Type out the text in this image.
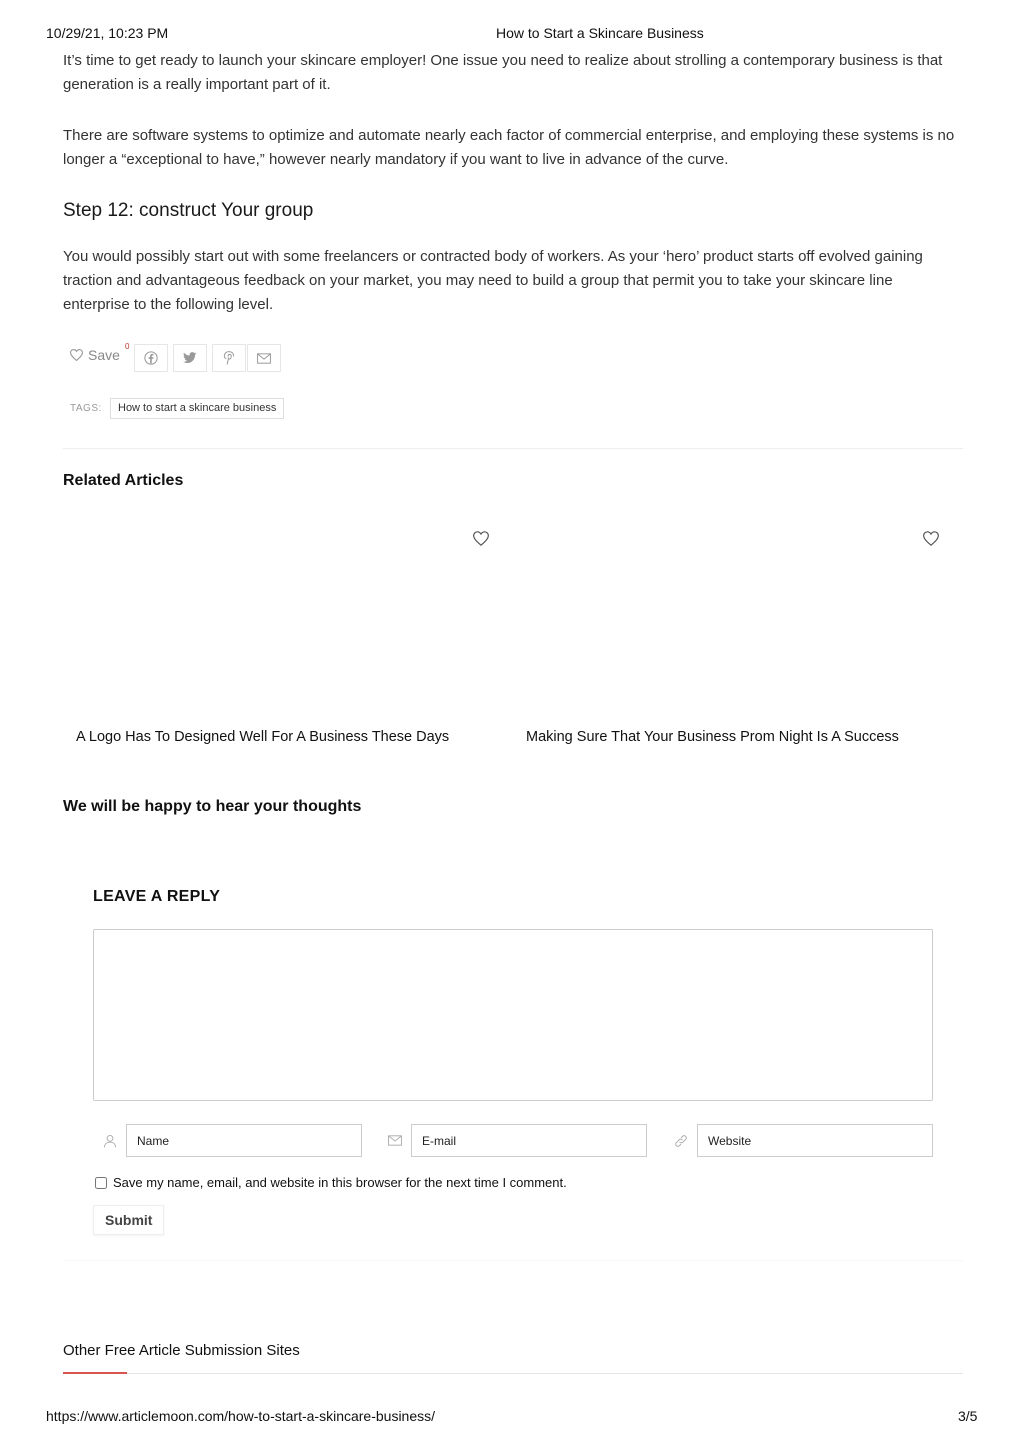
10/29/21, 10:23 PM	How to Start a Skincare Business

It’s time to get ready to launch your skincare employer! One issue you need to realize about strolling a contemporary business is that generation is a really important part of it.

There are software systems to optimize and automate nearly each factor of commercial enterprise, and employing these systems is no longer a “exceptional to have,” however nearly mandatory if you want to live in advance of the curve.

Step 12: construct Your group

You would possibly start out with some freelancers or contracted body of workers. As your ‘hero’ product starts off evolved gaining traction and advantageous feedback on your market, you may need to build a group that permit you to take your skincare line enterprise to the following level.

Save
0
TAGS:	How to start a skincare business
Related Articles
A Logo Has To Designed Well For A Business These Days	Making Sure That Your Business Prom Night Is A Success
We will be happy to hear your thoughts
LEAVE A REPLY
Name
E-mail
Website
Save my name, email, and website in this browser for the next time I comment.
Submit
Other Free Article Submission Sites
https://www.articlemoon.com/how-to-start-a-skincare-business/	3/5
